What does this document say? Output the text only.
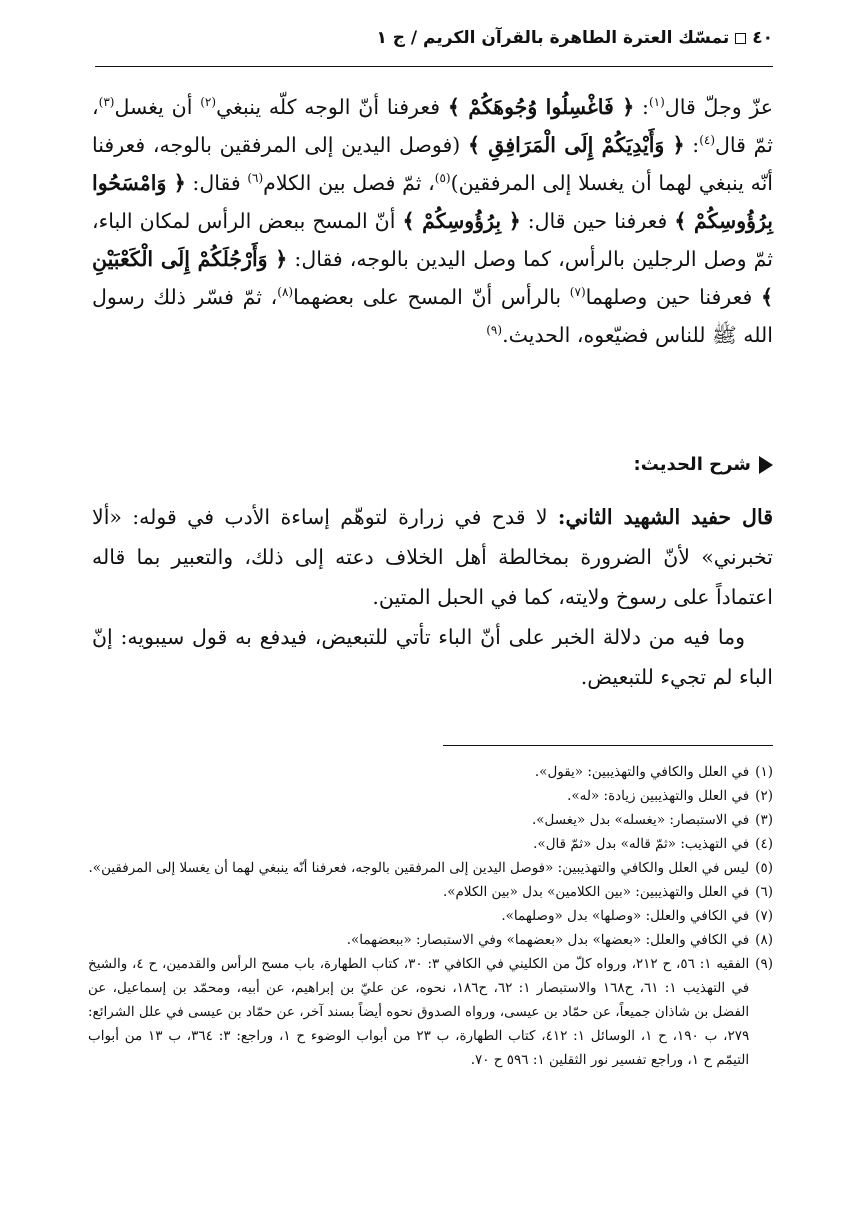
٤٠
تمسّك العترة الطاهرة بالقرآن الكريم / ج ١

عزّ وجلّ قال$^{(١)}$: ﴿ فَاغْسِلُوا وُجُوهَكُمْ ﴾ فعرفنا أنّ الوجه كلّه ينبغي$^{(٢)}$ أن يغسل$^{(٣)}$، ثمّ قال$^{(٤)}$: ﴿ وَأَيْدِيَكُمْ إِلَى الْمَرَافِقِ ﴾ (فوصل اليدين إلى المرفقين بالوجه، فعرفنا أنّه ينبغي لهما أن يغسلا إلى المرفقين)$^{(٥)}$، ثمّ فصل بين الكلام$^{(٦)}$ فقال: ﴿ وَامْسَحُوا بِرُؤُوسِكُمْ ﴾ فعرفنا حين قال: ﴿ بِرُؤُوسِكُمْ ﴾ أنّ المسح ببعض الرأس لمكان الباء، ثمّ وصل الرجلين بالرأس، كما وصل اليدين بالوجه، فقال: ﴿ وَأَرْجُلَكُمْ إِلَى الْكَعْبَيْنِ ﴾ فعرفنا حين وصلهما$^{(٧)}$ بالرأس أنّ المسح على بعضهما$^{(٨)}$، ثمّ فسّر ذلك رسول الله ﷺ للناس فضيّعوه، الحديث.$^{(٩)}$

شرح الحديث:

قال حفيد الشهيد الثاني: لا قدح في زرارة لتوهّم إساءة الأدب في قوله: «ألا تخبرني» لأنّ الضرورة بمخالطة أهل الخلاف دعته إلى ذلك، والتعبير بما قاله اعتماداً على رسوخ ولايته، كما في الحبل المتين.

وما فيه من دلالة الخبر على أنّ الباء تأتي للتبعيض، فيدفع به قول سيبويه: إنّ الباء لم تجيء للتبعيض.

(١)
في العلل والكافي والتهذيبين: «يقول».
(٢)
في العلل والتهذيبين زيادة: «له».
(٣)
في الاستبصار: «يغسله» بدل «يغسل».
(٤)
في التهذيب: «ثمّ قاله» بدل «ثمّ قال».
(٥)
ليس في العلل والكافي والتهذيبين: «فوصل اليدين إلى المرفقين بالوجه، فعرفنا أنّه ينبغي لهما أن يغسلا إلى المرفقين».
(٦)
في العلل والتهذيبين: «بين الكلامين» بدل «بين الكلام».
(٧)
في الكافي والعلل: «وصلها» بدل «وصلهما».
(٨)
في الكافي والعلل: «بعضها» بدل «بعضهما» وفي الاستبصار: «ببعضهما».
(٩)
الفقيه ١: ٥٦، ح ٢١٢، ورواه كلّ من الكليني في الكافي ٣: ٣٠، كتاب الطهارة، باب مسح الرأس والقدمين، ح ٤، والشيخ في التهذيب ١: ٦١، ح١٦٨ والاستبصار ١: ٦٢، ح١٨٦، نحوه، عن عليّ بن إبراهيم، عن أبيه، ومحمّد بن إسماعيل، عن الفضل بن شاذان جميعاً، عن حمّاد بن عيسى، ورواه الصدوق نحوه أيضاً بسند آخر، عن حمّاد بن عيسى في علل الشرائع: ٢٧٩، ب ١٩٠، ح ١، الوسائل ١: ٤١٢، كتاب الطهارة، ب ٢٣ من أبواب الوضوء ح ١، وراجع: ٣: ٣٦٤، ب ١٣ من أبواب التيمّم ح ١، وراجع تفسير نور الثقلين ١: ٥٩٦ ح ٧٠.
